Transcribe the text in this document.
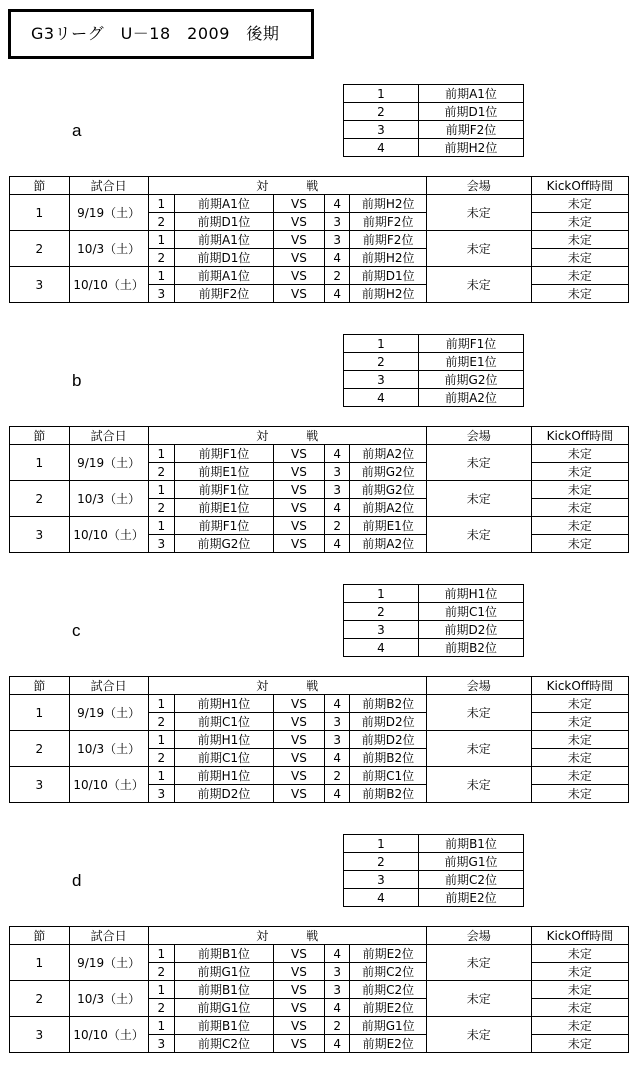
G3リーグ　U－18　2009　後期
a
1	前期A1位
2	前期D1位
3	前期F2位
4	前期H2位
節	試合日	対 戦					会場	KickOff時間
1	9/19（土）	1	前期A1位	VS	4	前期H2位	未定	未定
		2	前期D1位	VS	3	前期F2位		未定
2	10/3（土）	1	前期A1位	VS	3	前期F2位	未定	未定
		2	前期D1位	VS	4	前期H2位		未定
3	10/10（土）	1	前期A1位	VS	2	前期D1位	未定	未定
		3	前期F2位	VS	4	前期H2位		未定
b
1	前期F1位
2	前期E1位
3	前期G2位
4	前期A2位
節	試合日	対 戦					会場	KickOff時間
1	9/19（土）	1	前期F1位	VS	4	前期A2位	未定	未定
		2	前期E1位	VS	3	前期G2位		未定
2	10/3（土）	1	前期F1位	VS	3	前期G2位	未定	未定
		2	前期E1位	VS	4	前期A2位		未定
3	10/10（土）	1	前期F1位	VS	2	前期E1位	未定	未定
		3	前期G2位	VS	4	前期A2位		未定
c
1	前期H1位
2	前期C1位
3	前期D2位
4	前期B2位
節	試合日	対 戦					会場	KickOff時間
1	9/19（土）	1	前期H1位	VS	4	前期B2位	未定	未定
		2	前期C1位	VS	3	前期D2位		未定
2	10/3（土）	1	前期H1位	VS	3	前期D2位	未定	未定
		2	前期C1位	VS	4	前期B2位		未定
3	10/10（土）	1	前期H1位	VS	2	前期C1位	未定	未定
		3	前期D2位	VS	4	前期B2位		未定
d
1	前期B1位
2	前期G1位
3	前期C2位
4	前期E2位
節	試合日	対 戦					会場	KickOff時間
1	9/19（土）	1	前期B1位	VS	4	前期E2位	未定	未定
		2	前期G1位	VS	3	前期C2位		未定
2	10/3（土）	1	前期B1位	VS	3	前期C2位	未定	未定
		2	前期G1位	VS	4	前期E2位		未定
3	10/10（土）	1	前期B1位	VS	2	前期G1位	未定	未定
		3	前期C2位	VS	4	前期E2位		未定
